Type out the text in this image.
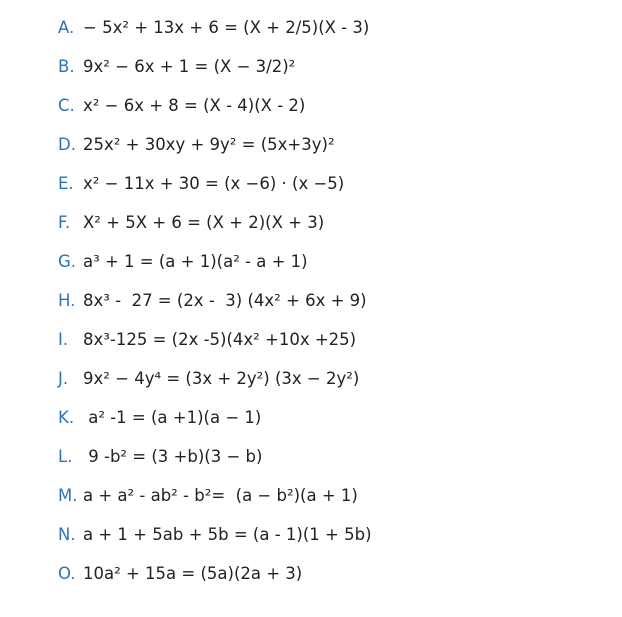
A. − 5x² + 13x + 6 = (X + 2/5)(X - 3)
B. 9x² − 6x + 1 = (X − 3/2)²
C. x² − 6x + 8 = (X - 4)(X - 2)
D. 25x² + 30xy + 9y² = (5x+3y)²
E. x² − 11x + 30 = (x −6) · (x −5)
F. X² + 5X + 6 = (X + 2)(X + 3)
G. a³ + 1 = (a + 1)(a² - a + 1)
H. 8x³ -  27 = (2x -  3) (4x² + 6x + 9)
I. 8x³-125 = (2x -5)(4x² +10x +25)
J. 9x² − 4y⁴ = (3x + 2y²) (3x − 2y²)
K. a² -1 = (a +1)(a − 1)
L. 9 -b² = (3 +b)(3 − b)
M. a + a² - ab² - b²=  (a − b²)(a + 1)
N. a + 1 + 5ab + 5b = (a - 1)(1 + 5b)
O. 10a² + 15a = (5a)(2a + 3)
